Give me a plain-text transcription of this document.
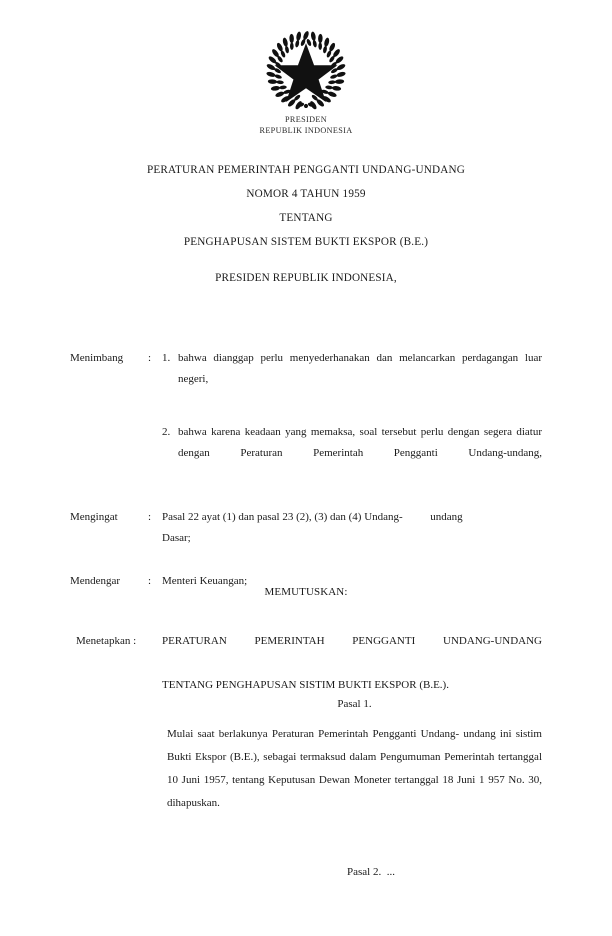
PRESIDEN
REPUBLIK INDONESIA
PERATURAN PEMERINTAH PENGGANTI UNDANG-UNDANG
NOMOR 4 TAHUN 1959
TENTANG
PENGHAPUSAN SISTEM BUKTI EKSPOR (B.E.)
PRESIDEN REPUBLIK INDONESIA,
Menimbang	: 1. bahwa dianggap perlu menyederhanakan dan melancarkan perdagangan luar negeri,
2. bahwa karena keadaan yang memaksa, soal tersebut perlu dengan segera diatur dengan Peraturan Pemerintah Pengganti Undang-undang,
Mengingat	: Pasal 22 ayat (1) dan pasal 23 (2), (3) dan (4) Undang-          undang
Dasar;
Mendengar	: Menteri Keuangan;
MEMUTUSKAN:
Menetapkan :	PERATURAN PEMERINTAH PENGGANTI UNDANG-UNDANG
TENTANG PENGHAPUSAN SISTIM BUKTI EKSPOR (B.E.).
Pasal 1.
Mulai saat berlakunya Peraturan Pemerintah Pengganti Undang- undang ini sistim Bukti Ekspor (B.E.), sebagai termaksud dalam Pengumuman Pemerintah tertanggal 10 Juni 1957, tentang Keputusan Dewan Moneter tertanggal 18 Juni 1 957 No. 30, dihapuskan.
Pasal 2.  ...
